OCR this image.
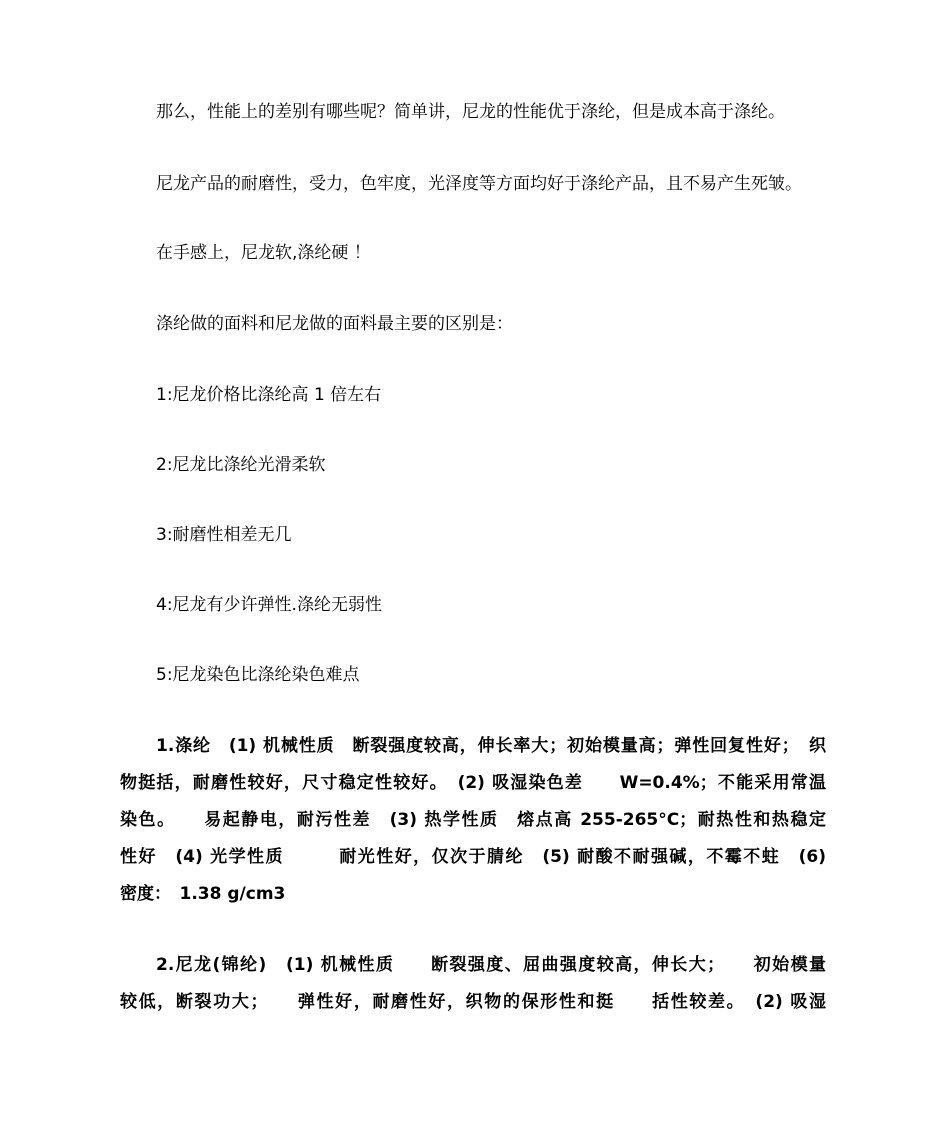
那么，性能上的差别有哪些呢？简单讲，尼龙的性能优于涤纶，但是成本高于涤纶。
尼龙产品的耐磨性，受力，色牢度，光泽度等方面均好于涤纶产品，且不易产生死皱。
在手感上，尼龙软,涤纶硬 ！
涤纶做的面料和尼龙做的面料最主要的区别是：
1:尼龙价格比涤纶高 1 倍左右
2:尼龙比涤纶光滑柔软
3:耐磨性相差无几
4:尼龙有少许弹性.涤纶无弱性
5:尼龙染色比涤纶染色难点
1.涤纶　(1) 机械性质　断裂强度较高，伸长率大；初始模量高；弹性回复性好；　织
物挺括，耐磨性较好，尺寸稳定性较好。　(2) 吸湿染色差　　W=0.4%；不能采用常温
染色。　　易起静电，耐污性差　(3) 热学性质　熔点高 255-265°C；耐热性和热稳定
性好　(4) 光学性质　　　耐光性好，仅次于腈纶　(5) 耐酸不耐强碱，不霉不蛀　(6)
密度：　1.38 g/cm3
2.尼龙(锦纶)　(1) 机械性质　　断裂强度、屈曲强度较高，伸长大；　　初始模量
较低，断裂功大；　　弹性好，耐磨性好，织物的保形性和挺　　括性较差。　(2) 吸湿
